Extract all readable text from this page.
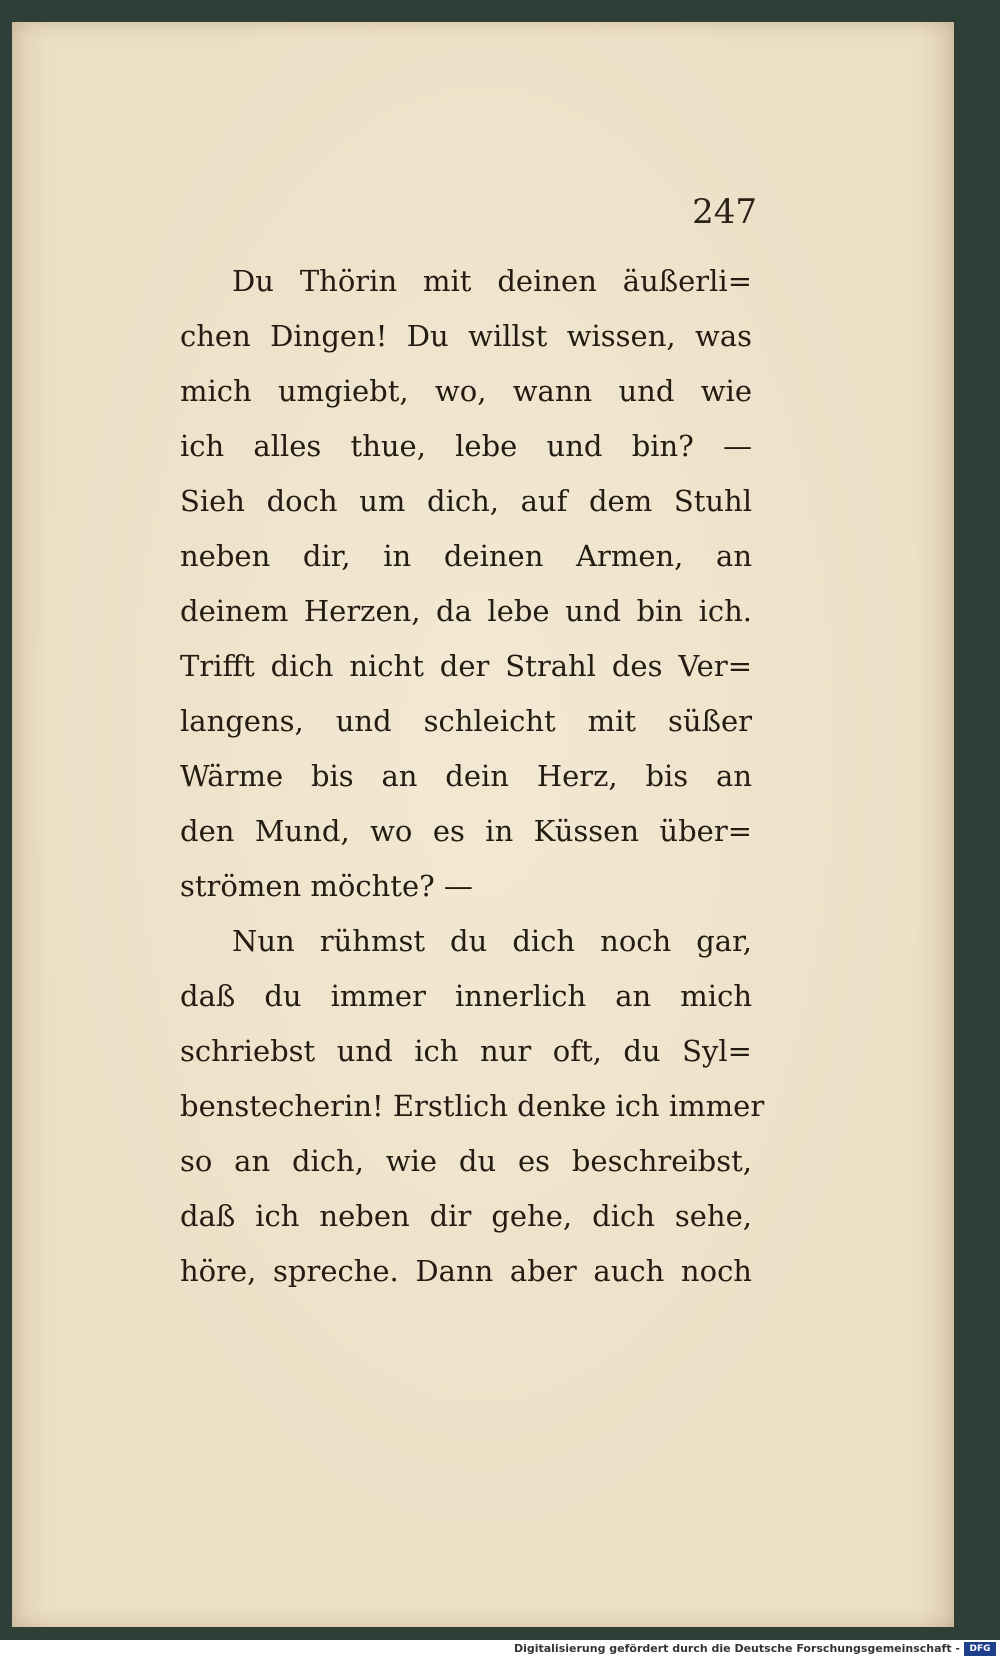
247
Du Thörin mit deinen äußerli=
chen Dingen! Du willst wissen, was
mich umgiebt, wo, wann und wie
ich alles thue, lebe und bin? —
Sieh doch um dich, auf dem Stuhl
neben dir, in deinen Armen, an
deinem Herzen, da lebe und bin ich.
Trifft dich nicht der Strahl des Ver=
langens, und schleicht mit süßer
Wärme bis an dein Herz, bis an
den Mund, wo es in Küssen über=
strömen möchte? —
Nun rühmst du dich noch gar,
daß du immer innerlich an mich
schriebst und ich nur oft, du Syl=
benstecherin! Erstlich denke ich immer
so an dich, wie du es beschreibst,
daß ich neben dir gehe, dich sehe,
höre, spreche. Dann aber auch noch
Digitalisierung gefördert durch die Deutsche Forschungsgemeinschaft -	DFG
